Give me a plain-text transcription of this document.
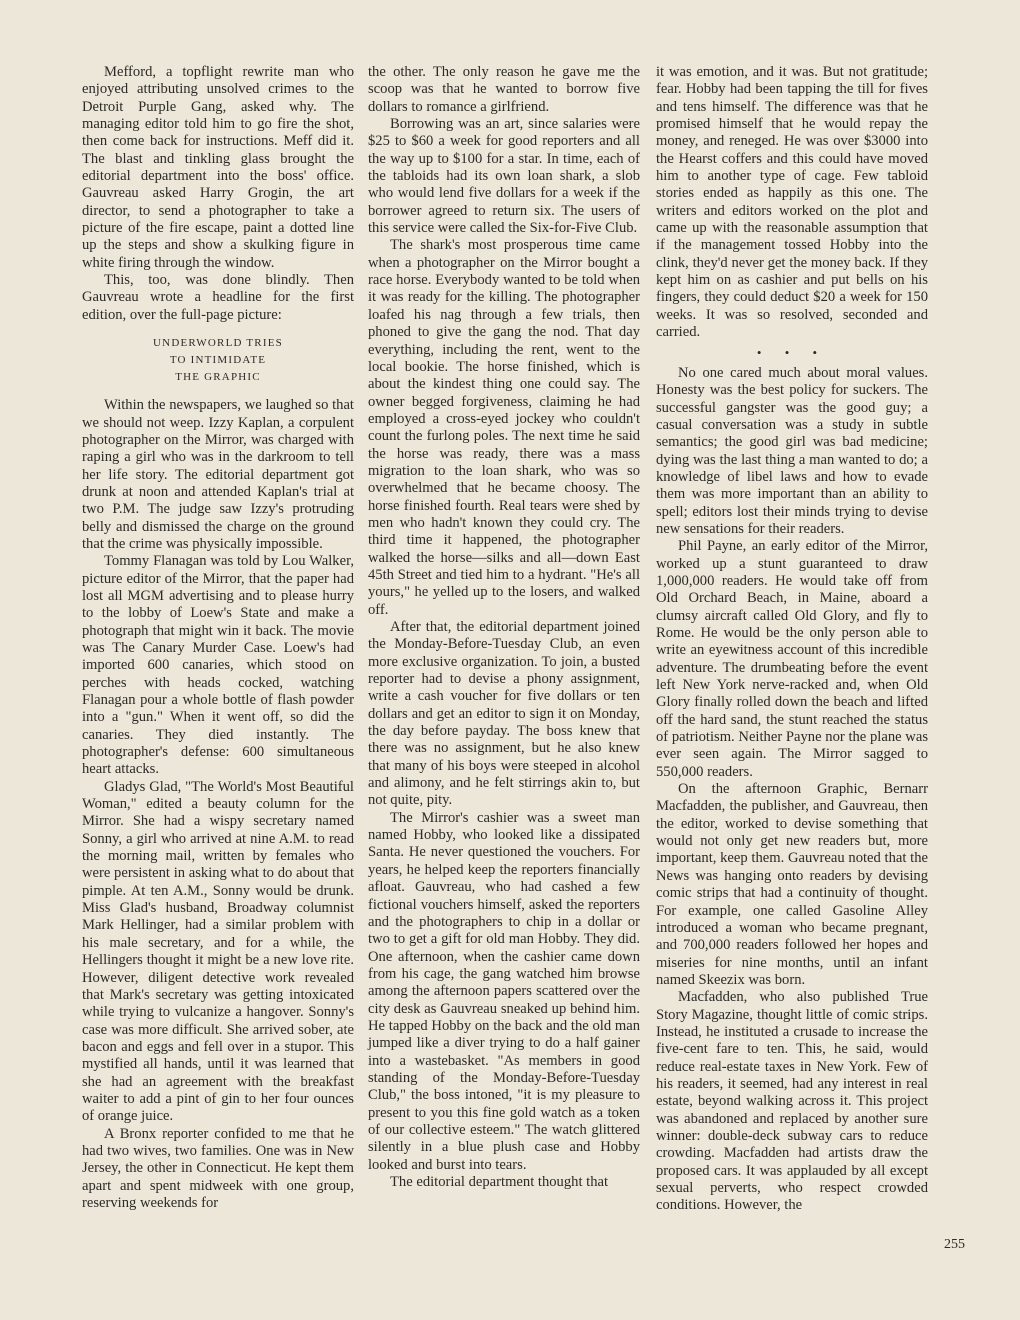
Mefford, a topflight rewrite man who enjoyed attributing unsolved crimes to the Detroit Purple Gang, asked why. The managing editor told him to go fire the shot, then come back for instructions. Meff did it. The blast and tinkling glass brought the editorial department into the boss' office. Gauvreau asked Harry Grogin, the art director, to send a photographer to take a picture of the fire escape, paint a dotted line up the steps and show a skulking figure in white firing through the window.

This, too, was done blindly. Then Gauvreau wrote a headline for the first edition, over the full-page picture:

UNDERWORLD TRIES
TO INTIMIDATE
THE GRAPHIC

Within the newspapers, we laughed so that we should not weep. Izzy Kaplan, a corpulent photographer on the Mirror, was charged with raping a girl who was in the darkroom to tell her life story. The editorial department got drunk at noon and attended Kaplan's trial at two P.M. The judge saw Izzy's protruding belly and dismissed the charge on the ground that the crime was physically impossible.

Tommy Flanagan was told by Lou Walker, picture editor of the Mirror, that the paper had lost all MGM advertising and to please hurry to the lobby of Loew's State and make a photograph that might win it back. The movie was The Canary Murder Case. Loew's had imported 600 canaries, which stood on perches with heads cocked, watching Flanagan pour a whole bottle of flash powder into a "gun." When it went off, so did the canaries. They died instantly. The photographer's defense: 600 simultaneous heart attacks.

Gladys Glad, "The World's Most Beautiful Woman," edited a beauty column for the Mirror. She had a wispy secretary named Sonny, a girl who arrived at nine A.M. to read the morning mail, written by females who were persistent in asking what to do about that pimple. At ten A.M., Sonny would be drunk. Miss Glad's husband, Broadway columnist Mark Hellinger, had a similar problem with his male secretary, and for a while, the Hellingers thought it might be a new love rite. However, diligent detective work revealed that Mark's secretary was getting intoxicated while trying to vulcanize a hangover. Sonny's case was more difficult. She arrived sober, ate bacon and eggs and fell over in a stupor. This mystified all hands, until it was learned that she had an agreement with the breakfast waiter to add a pint of gin to her four ounces of orange juice.

A Bronx reporter confided to me that he had two wives, two families. One was in New Jersey, the other in Connecticut. He kept them apart and spent midweek with one group, reserving weekends for

the other. The only reason he gave me the scoop was that he wanted to borrow five dollars to romance a girlfriend.

Borrowing was an art, since salaries were $25 to $60 a week for good reporters and all the way up to $100 for a star. In time, each of the tabloids had its own loan shark, a slob who would lend five dollars for a week if the borrower agreed to return six. The users of this service were called the Six-for-Five Club.

The shark's most prosperous time came when a photographer on the Mirror bought a race horse. Everybody wanted to be told when it was ready for the killing. The photographer loafed his nag through a few trials, then phoned to give the gang the nod. That day everything, including the rent, went to the local bookie. The horse finished, which is about the kindest thing one could say. The owner begged forgiveness, claiming he had employed a cross-eyed jockey who couldn't count the furlong poles. The next time he said the horse was ready, there was a mass migration to the loan shark, who was so overwhelmed that he became choosy. The horse finished fourth. Real tears were shed by men who hadn't known they could cry. The third time it happened, the photographer walked the horse—silks and all—down East 45th Street and tied him to a hydrant. "He's all yours," he yelled up to the losers, and walked off.

After that, the editorial department joined the Monday-Before-Tuesday Club, an even more exclusive organization. To join, a busted reporter had to devise a phony assignment, write a cash voucher for five dollars or ten dollars and get an editor to sign it on Monday, the day before payday. The boss knew that there was no assignment, but he also knew that many of his boys were steeped in alcohol and alimony, and he felt stirrings akin to, but not quite, pity.

The Mirror's cashier was a sweet man named Hobby, who looked like a dissipated Santa. He never questioned the vouchers. For years, he helped keep the reporters financially afloat. Gauvreau, who had cashed a few fictional vouchers himself, asked the reporters and the photographers to chip in a dollar or two to get a gift for old man Hobby. They did. One afternoon, when the cashier came down from his cage, the gang watched him browse among the afternoon papers scattered over the city desk as Gauvreau sneaked up behind him. He tapped Hobby on the back and the old man jumped like a diver trying to do a half gainer into a wastebasket. "As members in good standing of the Monday-Before-Tuesday Club," the boss intoned, "it is my pleasure to present to you this fine gold watch as a token of our collective esteem." The watch glittered silently in a blue plush case and Hobby looked and burst into tears.

The editorial department thought that

it was emotion, and it was. But not gratitude; fear. Hobby had been tapping the till for fives and tens himself. The difference was that he promised himself that he would repay the money, and reneged. He was over $3000 into the Hearst coffers and this could have moved him to another type of cage. Few tabloid stories ended as happily as this one. The writers and editors worked on the plot and came up with the reasonable assumption that if the management tossed Hobby into the clink, they'd never get the money back. If they kept him on as cashier and put bells on his fingers, they could deduct $20 a week for 150 weeks. It was so resolved, seconded and carried.

• • •

No one cared much about moral values. Honesty was the best policy for suckers. The successful gangster was the good guy; a casual conversation was a study in subtle semantics; the good girl was bad medicine; dying was the last thing a man wanted to do; a knowledge of libel laws and how to evade them was more important than an ability to spell; editors lost their minds trying to devise new sensations for their readers.

Phil Payne, an early editor of the Mirror, worked up a stunt guaranteed to draw 1,000,000 readers. He would take off from Old Orchard Beach, in Maine, aboard a clumsy aircraft called Old Glory, and fly to Rome. He would be the only person able to write an eyewitness account of this incredible adventure. The drumbeating before the event left New York nerve-racked and, when Old Glory finally rolled down the beach and lifted off the hard sand, the stunt reached the status of patriotism. Neither Payne nor the plane was ever seen again. The Mirror sagged to 550,000 readers.

On the afternoon Graphic, Bernarr Macfadden, the publisher, and Gauvreau, then the editor, worked to devise something that would not only get new readers but, more important, keep them. Gauvreau noted that the News was hanging onto readers by devising comic strips that had a continuity of thought. For example, one called Gasoline Alley introduced a woman who became pregnant, and 700,000 readers followed her hopes and miseries for nine months, until an infant named Skeezix was born.

Macfadden, who also published True Story Magazine, thought little of comic strips. Instead, he instituted a crusade to increase the five-cent fare to ten. This, he said, would reduce real-estate taxes in New York. Few of his readers, it seemed, had any interest in real estate, beyond walking across it. This project was abandoned and replaced by another sure winner: double-deck subway cars to reduce crowding. Macfadden had artists draw the proposed cars. It was applauded by all except sexual perverts, who respect crowded conditions. However, the

255
